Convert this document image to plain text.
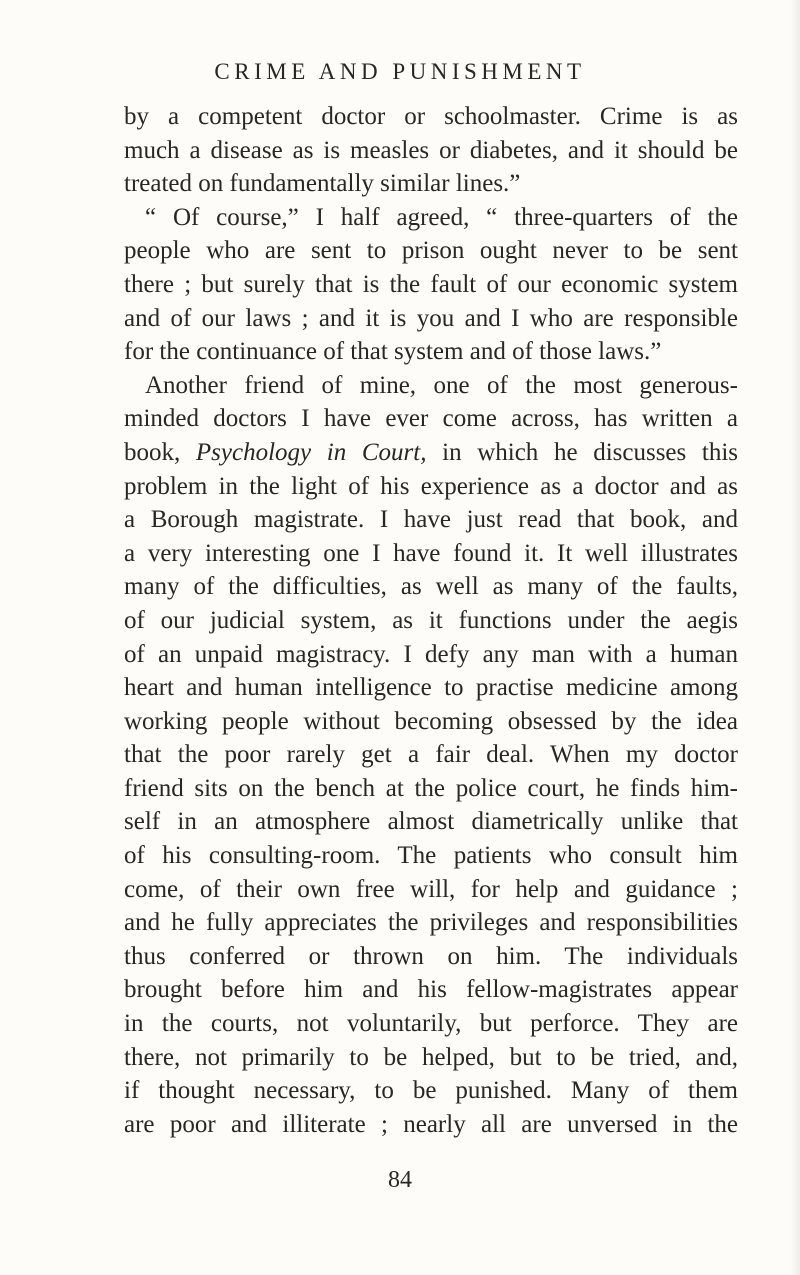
CRIME AND PUNISHMENT
by a competent doctor or schoolmaster. Crime is as
much a disease as is measles or diabetes, and it should be
treated on fundamentally similar lines.”
“ Of course,” I half agreed, “ three-quarters of the
people who are sent to prison ought never to be sent
there ; but surely that is the fault of our economic system
and of our laws ; and it is you and I who are responsible
for the continuance of that system and of those laws.”
Another friend of mine, one of the most generous-
minded doctors I have ever come across, has written a
book, Psychology in Court, in which he discusses this
problem in the light of his experience as a doctor and as
a Borough magistrate. I have just read that book, and
a very interesting one I have found it. It well illustrates
many of the difficulties, as well as many of the faults,
of our judicial system, as it functions under the aegis
of an unpaid magistracy. I defy any man with a human
heart and human intelligence to practise medicine among
working people without becoming obsessed by the idea
that the poor rarely get a fair deal. When my doctor
friend sits on the bench at the police court, he finds him-
self in an atmosphere almost diametrically unlike that
of his consulting-room. The patients who consult him
come, of their own free will, for help and guidance ;
and he fully appreciates the privileges and responsibilities
thus conferred or thrown on him. The individuals
brought before him and his fellow-magistrates appear
in the courts, not voluntarily, but perforce. They are
there, not primarily to be helped, but to be tried, and,
if thought necessary, to be punished. Many of them
are poor and illiterate ; nearly all are unversed in the
84
